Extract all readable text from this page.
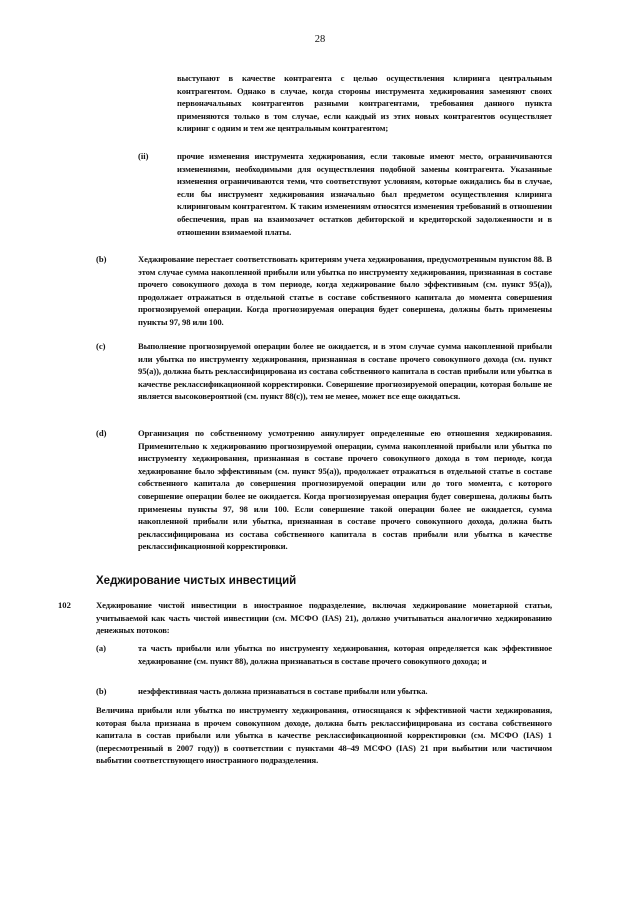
28
выступают в качестве контрагента с целью осуществления клиринга центральным контрагентом. Однако в случае, когда стороны инструмента хеджирования заменяют своих первоначальных контрагентов разными контрагентами, требования данного пункта применяются только в том случае, если каждый из этих новых контрагентов осуществляет клиринг с одним и тем же центральным контрагентом;
(ii)	прочие изменения инструмента хеджирования, если таковые имеют место, ограничиваются изменениями, необходимыми для осуществления подобной замены контрагента. Указанные изменения ограничиваются теми, что соответствуют условиям, которые ожидались бы в случае, если бы инструмент хеджирования изначально был предметом осуществления клиринга клиринговым контрагентом. К таким изменениям относятся изменения требований в отношении обеспечения, прав на взаимозачет остатков дебиторской и кредиторской задолженности и в отношении взимаемой платы.
(b)	Хеджирование перестает соответствовать критериям учета хеджирования, предусмотренным пунктом 88. В этом случае сумма накопленной прибыли или убытка по инструменту хеджирования, признанная в составе прочего совокупного дохода в том периоде, когда хеджирование было эффективным (см. пункт 95(а)), продолжает отражаться в отдельной статье в составе собственного капитала до момента совершения прогнозируемой операции. Когда прогнозируемая операция будет совершена, должны быть применены пункты 97, 98 или 100.
(c)	Выполнение прогнозируемой операции более не ожидается, и в этом случае сумма накопленной прибыли или убытка по инструменту хеджирования, признанная в составе прочего совокупного дохода (см. пункт 95(а)), должна быть реклассифицирована из состава собственного капитала в состав прибыли или убытка в качестве реклассификационной корректировки. Совершение прогнозируемой операции, которая больше не является высоковероятной (см. пункт 88(с)), тем не менее, может все еще ожидаться.
(d)	Организация по собственному усмотрению аннулирует определенные ею отношения хеджирования. Применительно к хеджированию прогнозируемой операции, сумма накопленной прибыли или убытка по инструменту хеджирования, признанная в составе прочего совокупного дохода в том периоде, когда хеджирование было эффективным (см. пункт 95(а)), продолжает отражаться в отдельной статье в составе собственного капитала до совершения прогнозируемой операции или до того момента, с которого совершение операции более не ожидается. Когда прогнозируемая операция будет совершена, должны быть применены пункты 97, 98 или 100. Если совершение такой операции более не ожидается, сумма накопленной прибыли или убытка, признанная в составе прочего совокупного дохода, должна быть реклассифицирована из состава собственного капитала в состав прибыли или убытка в качестве реклассификационной корректировки.
Хеджирование чистых инвестиций
102	Хеджирование чистой инвестиции в иностранное подразделение, включая хеджирование монетарной статьи, учитываемой как часть чистой инвестиции (см. МСФО (IAS) 21), должно учитываться аналогично хеджированию денежных потоков:
(a)	та часть прибыли или убытка по инструменту хеджирования, которая определяется как эффективное хеджирование (см. пункт 88), должна признаваться в составе прочего совокупного дохода; и
(b)	неэффективная часть должна признаваться в составе прибыли или убытка.
Величина прибыли или убытка по инструменту хеджирования, относящаяся к эффективной части хеджирования, которая была признана в прочем совокупном доходе, должна быть реклассифицирована из состава собственного капитала в состав прибыли или убытка в качестве реклассификационной корректировки (см. МСФО (IAS) 1 (пересмотренный в 2007 году)) в соответствии с пунктами 48–49 МСФО (IAS) 21 при выбытии или частичном выбытии соответствующего иностранного подразделения.
